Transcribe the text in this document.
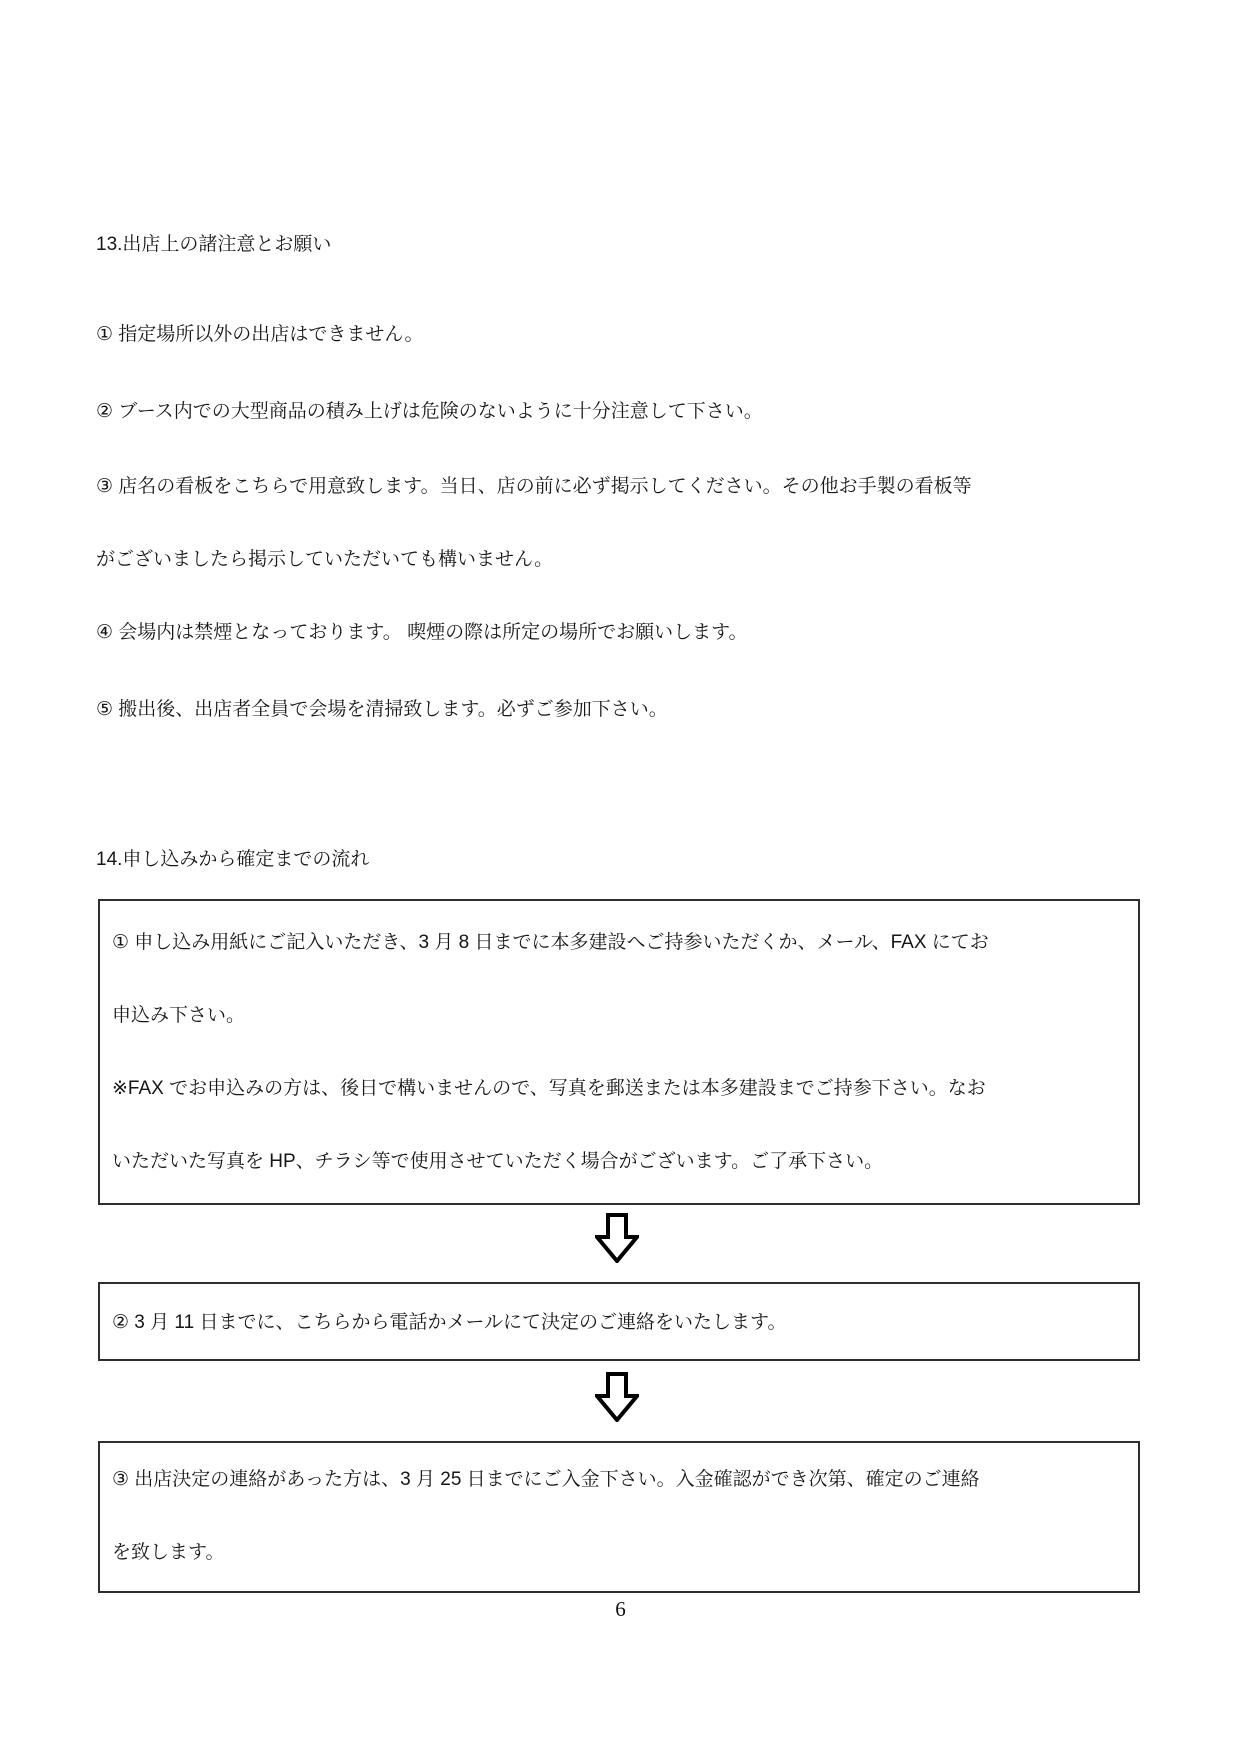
13.出店上の諸注意とお願い
① 指定場所以外の出店はできません。
② ブース内での大型商品の積み上げは危険のないように十分注意して下さい。
③ 店名の看板をこちらで用意致します。当日、店の前に必ず掲示してください。その他お手製の看板等
がございましたら掲示していただいても構いません。
④ 会場内は禁煙となっております。 喫煙の際は所定の場所でお願いします。
⑤ 搬出後、出店者全員で会場を清掃致します。必ずご参加下さい。
14.申し込みから確定までの流れ

① 申し込み用紙にご記入いただき、3 月 8 日までに本多建設へご持参いただくか、メール、FAX にてお

申込み下さい。

※FAX でお申込みの方は、後日で構いませんので、写真を郵送または本多建設までご持参下さい。なお

いただいた写真を HP、チラシ等で使用させていただく場合がございます。ご了承下さい。

② 3 月 11 日までに、こちらから電話かメールにて決定のご連絡をいたします。

③ 出店決定の連絡があった方は、3 月 25 日までにご入金下さい。入金確認ができ次第、確定のご連絡

を致します。

6
